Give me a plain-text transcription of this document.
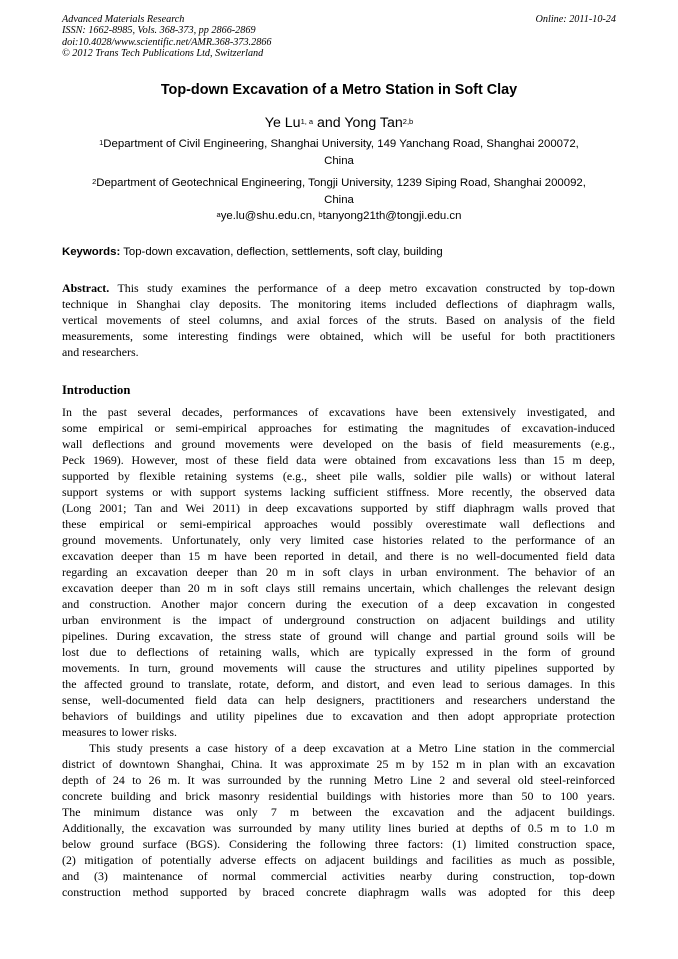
Advanced Materials Research
ISSN: 1662-8985, Vols. 368-373, pp 2866-2869
doi:10.4028/www.scientific.net/AMR.368-373.2866
© 2012 Trans Tech Publications Ltd, Switzerland
Online: 2011-10-24
Top-down Excavation of a Metro Station in Soft Clay
Ye Lu$^{1, a}$ and Yong Tan$^{2,b}$
$^1$Department of Civil Engineering, Shanghai University, 149 Yanchang Road, Shanghai 200072,
China
$^2$Department of Geotechnical Engineering, Tongji University, 1239 Siping Road, Shanghai 200092,
China
$^a$ye.lu@shu.edu.cn, $^b$tanyong21th@tongji.edu.cn
Keywords: Top-down excavation, deflection, settlements, soft clay, building
Abstract. This study examines the performance of a deep metro excavation constructed by top-down
technique in Shanghai clay deposits. The monitoring items included deflections of diaphragm walls,
vertical movements of steel columns, and axial forces of the struts. Based on analysis of the field
measurements, some interesting findings were obtained, which will be useful for both practitioners
and researchers.
Introduction
In the past several decades, performances of excavations have been extensively investigated, and
some empirical or semi-empirical approaches for estimating the magnitudes of excavation-induced
wall deflections and ground movements were developed on the basis of field measurements (e.g.,
Peck 1969). However, most of these field data were obtained from excavations less than 15 m deep,
supported by flexible retaining systems (e.g., sheet pile walls, soldier pile walls) or without lateral
support systems or with support systems lacking sufficient stiffness. More recently, the observed data
(Long 2001; Tan and Wei 2011) in deep excavations supported by stiff diaphragm walls proved that
these empirical or semi-empirical approaches would possibly overestimate wall deflections and
ground movements. Unfortunately, only very limited case histories related to the performance of an
excavation deeper than 15 m have been reported in detail, and there is no well-documented field data
regarding an excavation deeper than 20 m in soft clays in urban environment. The behavior of an
excavation deeper than 20 m in soft clays still remains uncertain, which challenges the relevant design
and construction. Another major concern during the execution of a deep excavation in congested
urban environment is the impact of underground construction on adjacent buildings and utility
pipelines. During excavation, the stress state of ground will change and partial ground soils will be
lost due to deflections of retaining walls, which are typically expressed in the form of ground
movements. In turn, ground movements will cause the structures and utility pipelines supported by
the affected ground to translate, rotate, deform, and distort, and even lead to serious damages. In this
sense, well-documented field data can help designers, practitioners and researchers understand the
behaviors of buildings and utility pipelines due to excavation and then adopt appropriate protection
measures to lower risks.
This study presents a case history of a deep excavation at a Metro Line station in the commercial
district of downtown Shanghai, China. It was approximate 25 m by 152 m in plan with an excavation
depth of 24 to 26 m. It was surrounded by the running Metro Line 2 and several old steel-reinforced
concrete building and brick masonry residential buildings with histories more than 50 to 100 years.
The minimum distance was only 7 m between the excavation and the adjacent buildings.
Additionally, the excavation was surrounded by many utility lines buried at depths of 0.5 m to 1.0 m
below ground surface (BGS). Considering the following three factors: (1) limited construction space,
(2) mitigation of potentially adverse effects on adjacent buildings and facilities as much as possible,
and (3) maintenance of normal commercial activities nearby during construction, top-down
construction method supported by braced concrete diaphragm walls was adopted for this deep
